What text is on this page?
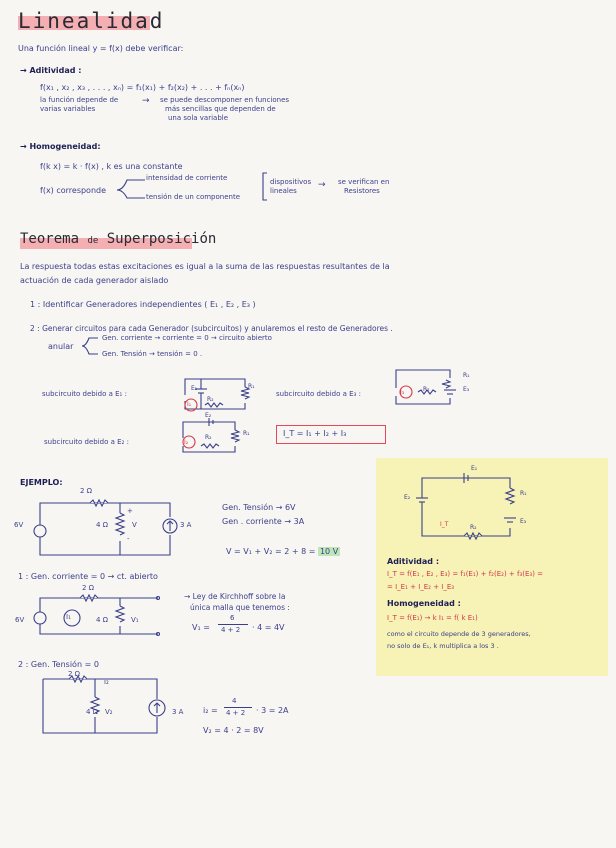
Linealidad
Una función lineal y = f(x) debe verificar:
→ Aditividad :
f(x₁ , x₂ , x₃ , . . . , xₙ) = f₁(x₁) + f₂(x₂) + . . . + fₙ(xₙ)
la función depende de
varias variables
→ se puede descomponer en funciones
más sencillas que dependen de
una sola variable
→ Homogeneidad:
f(k x) = k · f(x) , k es una constante
f(x) corresponde
intensidad de corriente
tensión de un componente
dispositivos
lineales
→ se verifican en
Resistores
Teorema de Superposición
La respuesta todas estas excitaciones es igual a la suma de las respuestas resultantes de la
actuación de cada generador aislado
1 : Identificar Generadores independientes ( E₁ , E₂ , E₃ )
2 : Generar circuitos para cada Generador (subcircuitos) y anularemos el resto de Generadores .
anular
Gen. corriente → corriente = 0 → circuito abierto
Gen. Tensión → tensión = 0 .
subcircuito debido a E₁ :
E₁	R₁
R₂
I₁
subcircuito debido a E₃ :
R₁
E₃
R₂
I₃
subcircuito debido a E₂ :
E₂
R₁
R₂
I₂
I_T = I₁ + I₂ + I₃
EJEMPLO:
2 Ω
4 Ω
6V	3 A
V
+
-
Gen. Tensión → 6V
Gen . corriente → 3A
V = V₁ + V₂ = 2 + 8 = 10 V
1 : Gen. corriente = 0 → ct. abierto
2 Ω
4 Ω
6V	I₁	V₁
→ Ley de Kirchhoff sobre la
única malla que tenemos :
V₁ =
6
4 + 2 · 4 = 4V
2 : Gen. Tensión = 0
2 Ω
4 Ω
i₂
V₂	3 A i₂ =
4
4 + 2 · 3 = 2A
V₂ = 4 · 2 = 8V
E₁
R₁
E₃
E₂
R₂
I_T
Aditividad :
I_T = f(E₁ , E₂ , E₃) = f₁(E₁) + f₂(E₂) + f₃(E₃) =
= I_E₁ + I_E₂ + I_E₃
Homogeneidad :
I_T = f(E₁) → k I₁ = f( k E₁)
como el circuito depende de 3 generadores,
no solo de E₁, k multiplica a los 3 .
